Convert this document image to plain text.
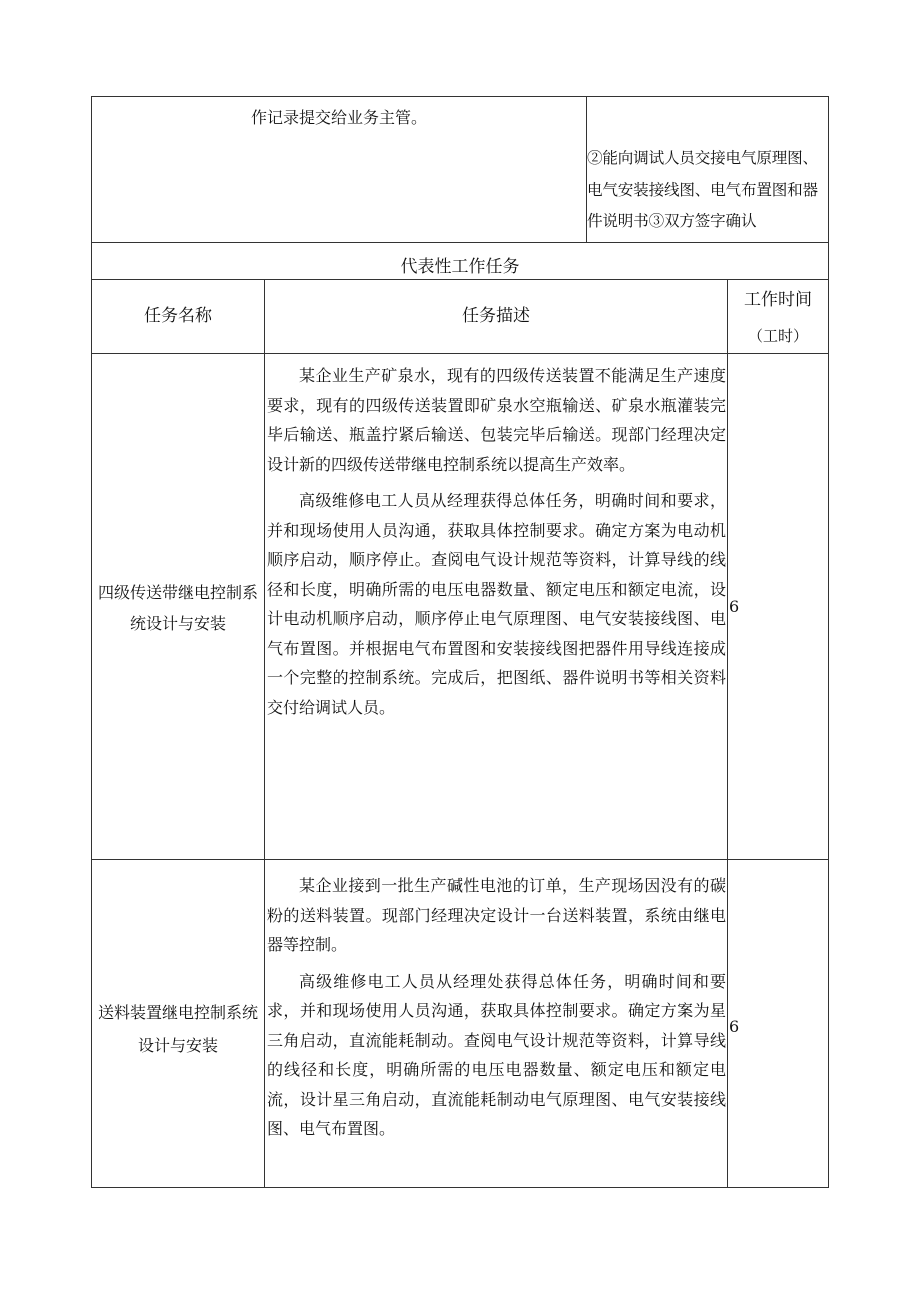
作记录提交给业务主管。
②能向调试人员交接电气原理图、电气安装接线图、电气布置图和器件说明书③双方签字确认
代表性工作任务
任务名称	任务描述
工作时间
（工时）
四级传送带继电控制系统设计与安装

某企业生产矿泉水，现有的四级传送装置不能满足生产速度要求，现有的四级传送装置即矿泉水空瓶输送、矿泉水瓶灌装完毕后输送、瓶盖拧紧后输送、包装完毕后输送。现部门经理决定设计新的四级传送带继电控制系统以提高生产效率。

高级维修电工人员从经理获得总体任务，明确时间和要求，并和现场使用人员沟通，获取具体控制要求。确定方案为电动机顺序启动，顺序停止。查阅电气设计规范等资料，计算导线的线径和长度，明确所需的电压电器数量、额定电压和额定电流，设计电动机顺序启动，顺序停止电气原理图、电气安装接线图、电气布置图。并根据电气布置图和安装接线图把器件用导线连接成一个完整的控制系统。完成后，把图纸、器件说明书等相关资料交付给调试人员。

6
送料装置继电控制系统设计与安装

某企业接到一批生产碱性电池的订单，生产现场因没有的碳粉的送料装置。现部门经理决定设计一台送料装置，系统由继电器等控制。

高级维修电工人员从经理处获得总体任务，明确时间和要求，并和现场使用人员沟通，获取具体控制要求。确定方案为星三角启动，直流能耗制动。查阅电气设计规范等资料，计算导线的线径和长度，明确所需的电压电器数量、额定电压和额定电流，设计星三角启动，直流能耗制动电气原理图、电气安装接线图、电气布置图。

6
